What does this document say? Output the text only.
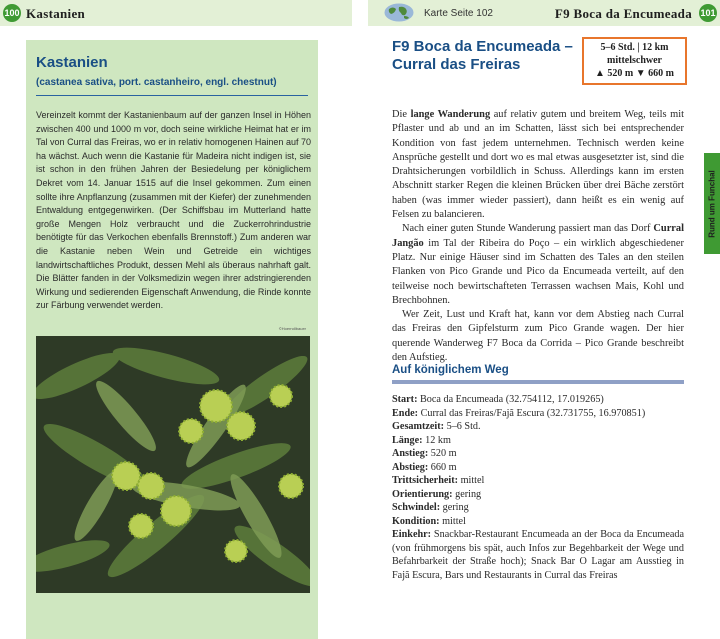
100 Kastanien
Kastanien
(castanea sativa, port. castanheiro, engl. chestnut)
Vereinzelt kommt der Kastanienbaum auf der ganzen Insel in Höhen zwischen 400 und 1000 m vor, doch seine wirkliche Heimat hat er im Tal von Curral das Freiras, wo er in relativ homogenen Hainen auf 70 ha wächst. Auch wenn die Kastanie für Madeira nicht indigen ist, sie ist schon in den frühen Jahren der Besiedelung per königlichem Dekret vom 14. Januar 1515 auf die Insel gekommen. Zum einen sollte ihre Anpflanzung (zusammen mit der Kiefer) der zunehmenden Entwaldung entgegenwirken. (Der Schiffsbau im Mutterland hatte große Mengen Holz verbraucht und die Zuckerrohrindustrie benötigte für das Verkochen ebenfalls Brennstoff.) Zum anderen war die Kastanie neben Wein und Getreide ein wichtiges landwirtschaftliches Produkt, dessen Mehl als überaus nahrhaft galt. Die Blätter fanden in der Volksmedizin wegen ihrer adstringierenden Wirkung und sedierenden Eigenschaft Anwendung, die Rinde konnte zur Färbung verwendet werden.
©Hoerndlbauer
Karte Seite 102	F9 Boca da Encumeada 101
F9 Boca da Encumeada – Curral das Freiras
5–6 Std. | 12 km
mittelschwer
▲ 520 m ▼ 660 m

Die lange Wanderung auf relativ gutem und breitem Weg, teils mit Pflaster und ab und an im Schatten, lässt sich bei entsprechender Kondition von fast jedem unternehmen. Technisch werden keine Ansprüche gestellt und dort wo es mal etwas ausgesetzter ist, sind die Drahtsicherungen vorbildlich in Schuss. Allerdings kann im ersten Abschnitt starker Regen die kleinen Brücken über drei Bäche zerstört haben (was immer wieder passiert), dann heißt es ein wenig auf Felsen zu balancieren.

Nach einer guten Stunde Wanderung passiert man das Dorf Curral Jangão im Tal der Ribeira do Poço – ein wirklich abgeschiedener Platz. Nur einige Häuser sind im Schatten des Tales an den steilen Flanken von Pico Grande und Pico da Encumeada verteilt, auf den teilweise noch bewirtschafteten Terrassen wachsen Mais, Kohl und Brechbohnen.

Wer Zeit, Lust und Kraft hat, kann vor dem Abstieg nach Curral das Freiras den Gipfelsturm zum Pico Grande wagen. Der hier querende Wanderweg F7 Boca da Corrida – Pico Grande beschreibt den Aufstieg.

Auf königlichem Weg
Start: Boca da Encumeada (32.754112, 17.019265)
Ende: Curral das Freiras/Fajã Escura (32.731755, 16.970851)
Gesamtzeit: 5–6 Std.
Länge: 12 km
Anstieg: 520 m
Abstieg: 660 m
Trittsicherheit: mittel
Orientierung: gering
Schwindel: gering
Kondition: mittel
Einkehr: Snackbar-Restaurant Encumeada an der Boca da Encumeada (von frühmorgens bis spät, auch Infos zur Begehbarkeit der Wege und Befahrbarkeit der Straße hoch); Snack Bar O Lagar am Ausstieg in Fajã Escura, Bars und Restaurants in Curral das Freiras
Rund um Funchal
